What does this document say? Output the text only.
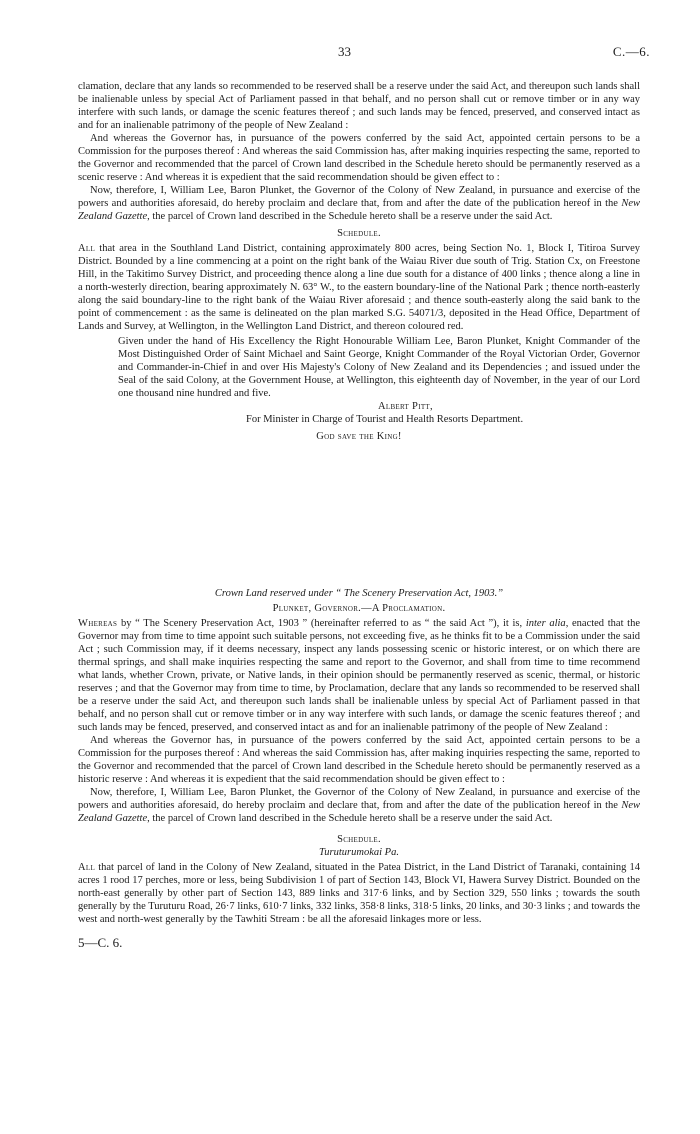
33	C.—6.

clamation, declare that any lands so recommended to be reserved shall be a reserve under the said Act, and thereupon such lands shall be inalienable unless by special Act of Parliament passed in that behalf, and no person shall cut or remove timber or in any way interfere with such lands, or damage the scenic features thereof ; and such lands may be fenced, preserved, and conserved intact as and for an inalienable patrimony of the people of New Zealand :

And whereas the Governor has, in pursuance of the powers conferred by the said Act, appointed certain persons to be a Commission for the purposes thereof : And whereas the said Commission has, after making inquiries respecting the same, reported to the Governor and recommended that the parcel of Crown land described in the Schedule hereto should be permanently reserved as a scenic reserve : And whereas it is expedient that the said recommendation should be given effect to :

Now, therefore, I, William Lee, Baron Plunket, the Governor of the Colony of New Zealand, in pursuance and exercise of the powers and authorities aforesaid, do hereby proclaim and declare that, from and after the date of the publication hereof in the New Zealand Gazette, the parcel of Crown land described in the Schedule hereto shall be a reserve under the said Act.

Schedule.

All that area in the Southland Land District, containing approximately 800 acres, being Section No. 1, Block I, Titiroa Survey District. Bounded by a line commencing at a point on the right bank of the Waiau River due south of Trig. Station Cx, on Freestone Hill, in the Takitimo Survey District, and proceeding thence along a line due south for a distance of 400 links ; thence along a line in a north-westerly direction, bearing approximately N. 63° W., to the eastern boundary-line of the National Park ; thence north-easterly along the said boundary-line to the right bank of the Waiau River aforesaid ; and thence south-easterly along the said bank to the point of commencement : as the same is delineated on the plan marked S.G. 54071/3, deposited in the Head Office, Department of Lands and Survey, at Wellington, in the Wellington Land District, and thereon coloured red.

Given under the hand of His Excellency the Right Honourable William Lee, Baron Plunket, Knight Commander of the Most Distinguished Order of Saint Michael and Saint George, Knight Commander of the Royal Victorian Order, Governor and Commander-in-Chief in and over His Majesty's Colony of New Zealand and its Dependencies ; and issued under the Seal of the said Colony, at the Government House, at Wellington, this eighteenth day of November, in the year of our Lord one thousand nine hundred and five.

Albert Pitt,

For Minister in Charge of Tourist and Health Resorts Department.

God save the King!

Crown Land reserved under “ The Scenery Preservation Act, 1903.”

Plunket, Governor.—A Proclamation.

Whereas by “ The Scenery Preservation Act, 1903 ” (hereinafter referred to as “ the said Act ”), it is, inter alia, enacted that the Governor may from time to time appoint such suitable persons, not exceeding five, as he thinks fit to be a Commission under the said Act ; such Commission may, if it deems necessary, inspect any lands possessing scenic or historic interest, or on which there are thermal springs, and shall make inquiries respecting the same and report to the Governor, and shall from time to time recommend what lands, whether Crown, private, or Native lands, in their opinion should be permanently reserved as scenic, thermal, or historic reserves ; and that the Governor may from time to time, by Proclamation, declare that any lands so recommended to be reserved shall be a reserve under the said Act, and thereupon such lands shall be inalienable unless by special Act of Parliament passed in that behalf, and no person shall cut or remove timber or in any way interfere with such lands, or damage the scenic features thereof ; and such lands may be fenced, preserved, and conserved intact as and for an inalienable patrimony of the people of New Zealand :

And whereas the Governor has, in pursuance of the powers conferred by the said Act, appointed certain persons to be a Commission for the purposes thereof : And whereas the said Commission has, after making inquiries respecting the same, reported to the Governor and recommended that the parcel of Crown land described in the Schedule hereto should be permanently reserved as a historic reserve : And whereas it is expedient that the said recommendation should be given effect to :

Now, therefore, I, William Lee, Baron Plunket, the Governor of the Colony of New Zealand, in pursuance and exercise of the powers and authorities aforesaid, do hereby proclaim and declare that, from and after the date of the publication hereof in the New Zealand Gazette, the parcel of Crown land described in the Schedule hereto shall be a reserve under the said Act.

Schedule.

Turuturumokai Pa.

All that parcel of land in the Colony of New Zealand, situated in the Patea District, in the Land District of Taranaki, containing 14 acres 1 rood 17 perches, more or less, being Subdivision 1 of part of Section 143, Block VI, Hawera Survey District. Bounded on the north-east generally by other part of Section 143, 889 links and 317·6 links, and by Section 329, 550 links ; towards the south generally by the Turuturu Road, 26·7 links, 610·7 links, 332 links, 358·8 links, 318·5 links, 20 links, and 30·3 links ; and towards the west and north-west generally by the Tawhiti Stream : be all the aforesaid linkages more or less.

5—C. 6.
